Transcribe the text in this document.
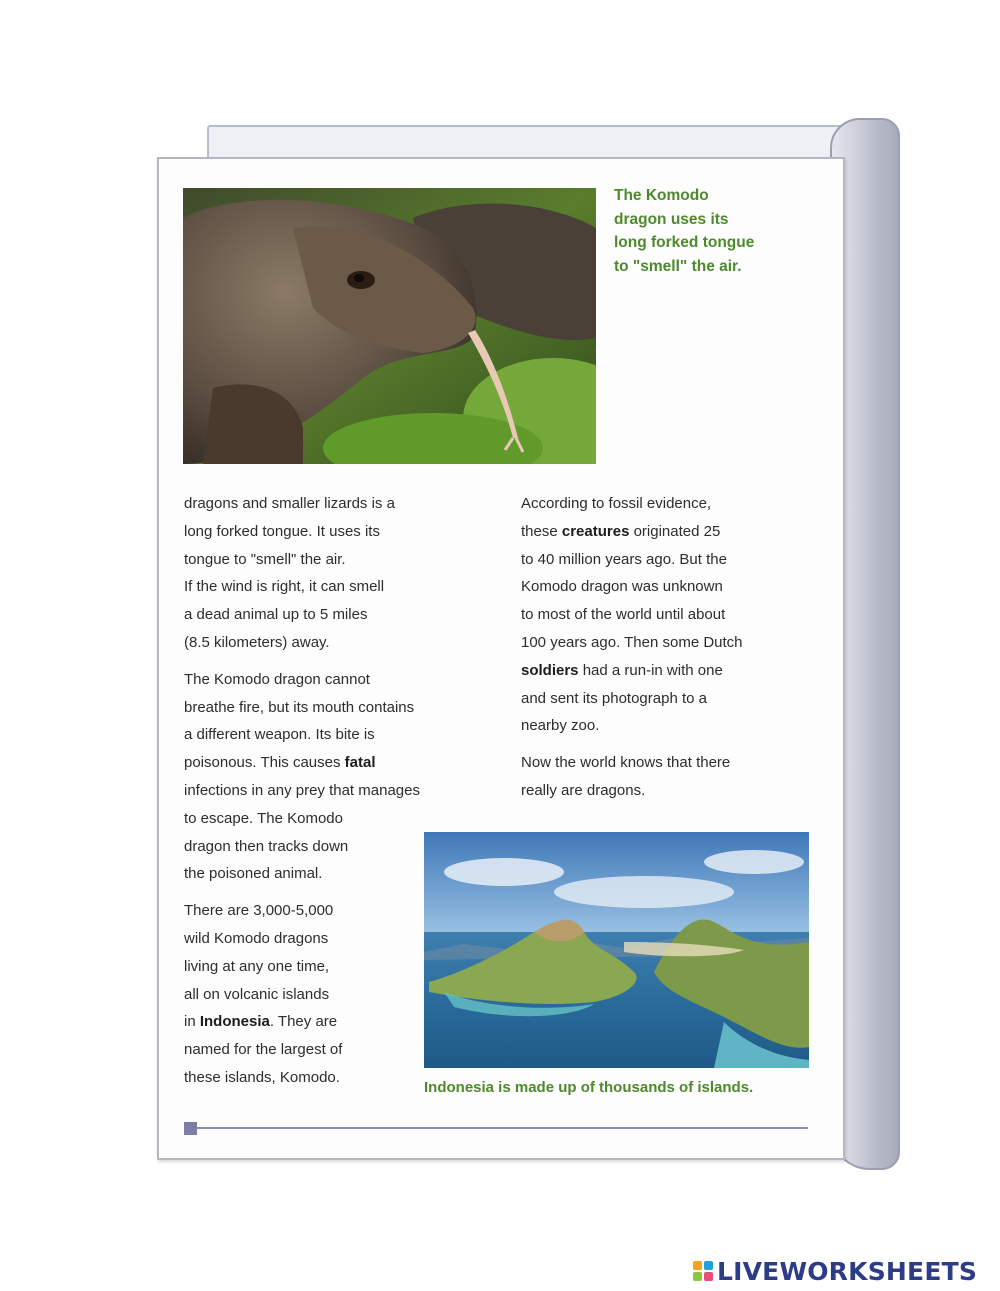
The Komodo
dragon uses its
long forked tongue
to "smell" the air.

dragons and smaller lizards is a
long forked tongue. It uses its
tongue to "smell" the air.
If the wind is right, it can smell
a dead animal up to 5 miles
(8.5 kilometers) away.

The Komodo dragon cannot
breathe fire, but its mouth contains
a different weapon. Its bite is
poisonous. This causes fatal
infections in any prey that manages
to escape. The Komodo
dragon then tracks down
the poisoned animal.

There are 3,000-5,000
wild Komodo dragons
living at any one time,
all on volcanic islands
in Indonesia. They are
named for the largest of
these islands, Komodo.

According to fossil evidence,
these creatures originated 25
to 40 million years ago. But the
Komodo dragon was unknown
to most of the world until about
100 years ago. Then some Dutch
soldiers had a run-in with one
and sent its photograph to a
nearby zoo.

Now the world knows that there
really are dragons.

Indonesia is made up of thousands of islands.
LIVEWORKSHEETS
